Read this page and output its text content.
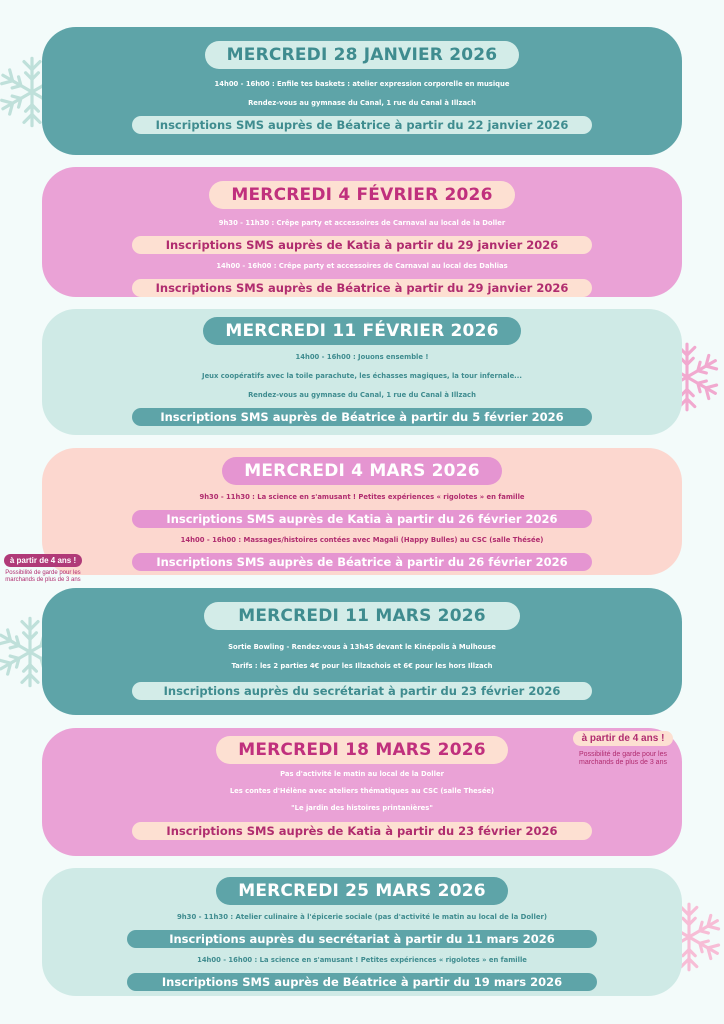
MERCREDI 28 JANVIER 2026
14h00 - 16h00 : Enfile tes baskets : atelier expression corporelle en musique
Rendez-vous au gymnase du Canal, 1 rue du Canal à Illzach
Inscriptions SMS auprès de Béatrice à partir du 22 janvier 2026
MERCREDI 4 FÉVRIER 2026
9h30 - 11h30 : Crêpe party et accessoires de Carnaval au local de la Doller
Inscriptions SMS auprès de Katia à partir du 29 janvier 2026
14h00 - 16h00 : Crêpe party et accessoires de Carnaval au local des Dahlias
Inscriptions SMS auprès de Béatrice à partir du 29 janvier 2026
MERCREDI 11 FÉVRIER 2026
14h00 - 16h00 : Jouons ensemble !
Jeux coopératifs avec la toile parachute, les échasses magiques, la tour infernale...
Rendez-vous au gymnase du Canal, 1 rue du Canal à Illzach
Inscriptions SMS auprès de Béatrice à partir du 5 février 2026
MERCREDI 4 MARS 2026
9h30 - 11h30 : La science en s'amusant ! Petites expériences « rigolotes » en famille
Inscriptions SMS auprès de Katia à partir du 26 février 2026
14h00 - 16h00 : Massages/histoires contées avec Magali (Happy Bulles) au CSC (salle Thésée)
Inscriptions SMS auprès de Béatrice à partir du 26 février 2026
à partir de 4 ans !
Possibilité de garde pour les marchands de plus de 3 ans
MERCREDI 11 MARS 2026
Sortie Bowling - Rendez-vous à 13h45 devant le Kinépolis à Mulhouse
Tarifs : les 2 parties 4€ pour les Illzachois et 6€ pour les hors Illzach
Inscriptions auprès du secrétariat à partir du 23 février 2026
MERCREDI 18 MARS 2026
Pas d'activité le matin au local de la Doller
Les contes d'Hélène avec ateliers thématiques au CSC (salle Thesée)
"Le jardin des histoires printanières"
Inscriptions SMS auprès de Katia à partir du 23 février 2026
à partir de 4 ans !
Possibilité de garde pour les marchands de plus de 3 ans
MERCREDI 25 MARS 2026
9h30 - 11h30 : Atelier culinaire à l'épicerie sociale (pas d'activité le matin au local de la Doller)
Inscriptions auprès du secrétariat à partir du 11 mars 2026
14h00 - 16h00 : La science en s'amusant ! Petites expériences « rigolotes » en famille
Inscriptions SMS auprès de Béatrice à partir du 19 mars 2026
